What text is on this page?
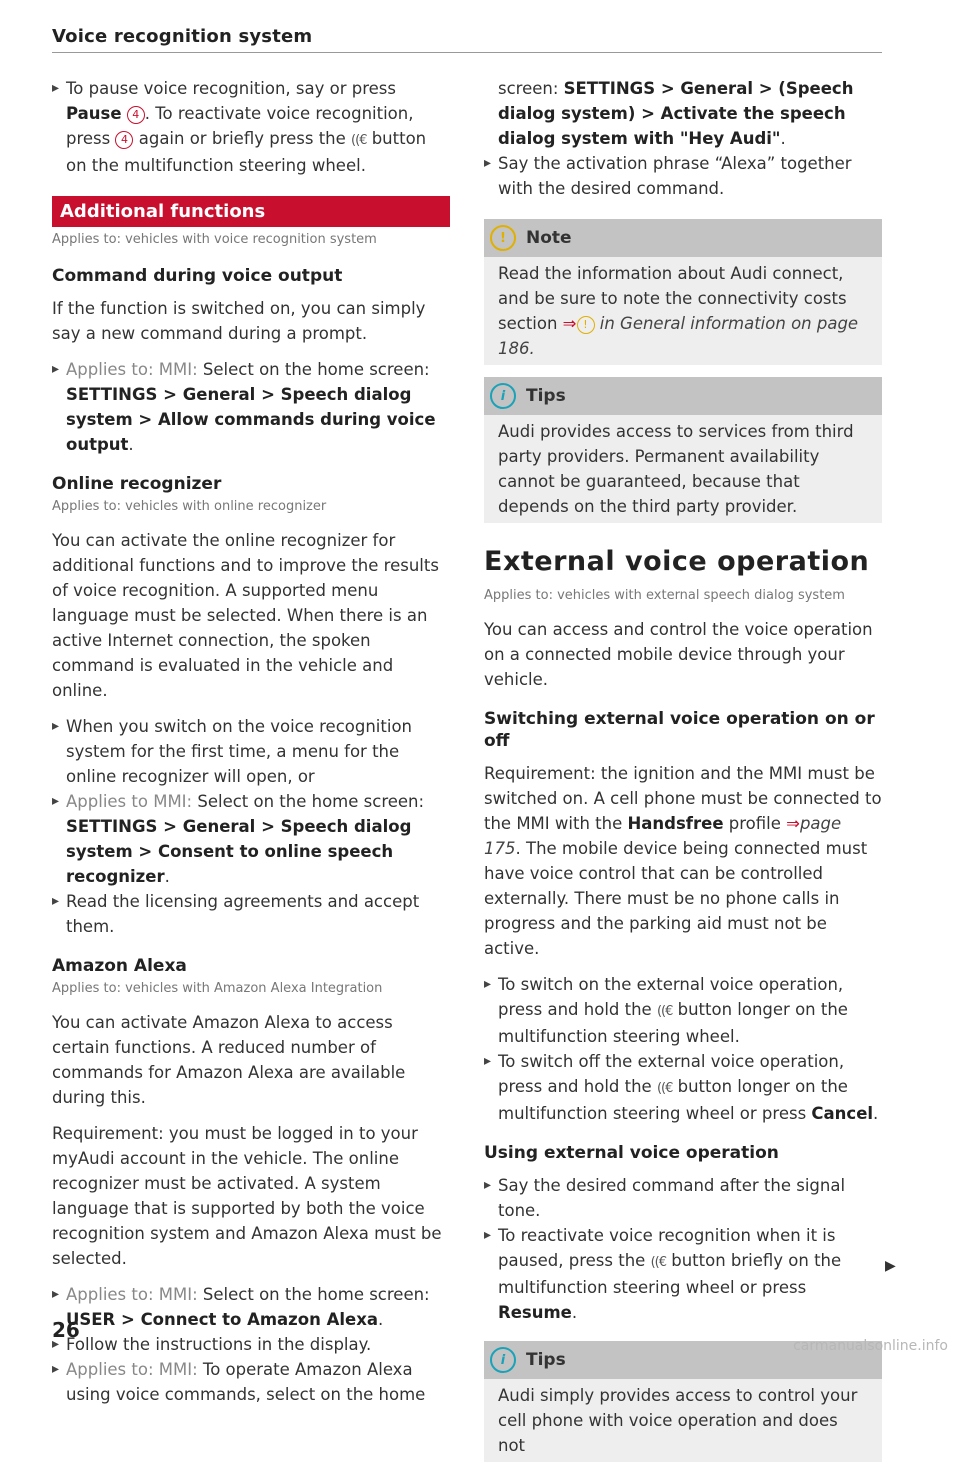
Voice recognition system

▸ To pause voice recognition, say or press Pause 4 . To reactivate voice recognition, press 4 again or briefly press the ((€ button on the multifunction steering wheel.

Additional functions
Applies to: vehicles with voice recognition system
Command during voice output

If the function is switched on, you can simply say a new command during a prompt.

▸ Applies to: MMI: Select on the home screen: SETTINGS > General > Speech dialog system > Allow commands during voice output.

Online recognizer
Applies to: vehicles with online recognizer

You can activate the online recognizer for additional functions and to improve the results of voice recognition. A supported menu language must be selected. When there is an active Internet connection, the spoken command is evaluated in the vehicle and online.

▸ When you switch on the voice recognition system for the first time, a menu for the online recognizer will open, or

▸ Applies to MMI: Select on the home screen: SETTINGS > General > Speech dialog system > Consent to online speech recognizer.

▸ Read the licensing agreements and accept them.

Amazon Alexa
Applies to: vehicles with Amazon Alexa Integration

You can activate Amazon Alexa to access certain functions. A reduced number of commands for Amazon Alexa are available during this.

Requirement: you must be logged in to your myAudi account in the vehicle. The online recognizer must be activated. A system language that is supported by both the voice recognition system and Amazon Alexa must be selected.

▸ Applies to: MMI: Select on the home screen: USER > Connect to Amazon Alexa.

▸ Follow the instructions in the display.

▸ Applies to: MMI: To operate Amazon Alexa using voice commands, select on the home

screen: SETTINGS > General > (Speech dialog system) > Activate the speech dialog system with "Hey Audi".

▸ Say the activation phrase “Alexa” together with the desired command.

!	Note

Read the information about Audi connect, and be sure to note the connectivity costs section ⇒ ! in General information on page 186.

i	Tips

Audi provides access to services from third party providers. Permanent availability cannot be guaranteed, because that depends on the third party provider.

External voice operation
Applies to: vehicles with external speech dialog system

You can access and control the voice operation on a connected mobile device through your vehicle.

Switching external voice operation on or off

Requirement: the ignition and the MMI must be switched on. A cell phone must be connected to the MMI with the Handsfree profile ⇒page 175. The mobile device being connected must have voice control that can be controlled externally. There must be no phone calls in progress and the parking aid must not be active.

▸ To switch on the external voice operation, press and hold the ((€ button longer on the multifunction steering wheel.

▸ To switch off the external voice operation, press and hold the ((€ button longer on the multifunction steering wheel or press Cancel.

Using external voice operation

▸ Say the desired command after the signal tone.

▸ To reactivate voice recognition when it is paused, press the ((€ button briefly on the multifunction steering wheel or press Resume.

i	Tips

Audi simply provides access to control your cell phone with voice operation and does not

▶
26
carmanualsonline.info
